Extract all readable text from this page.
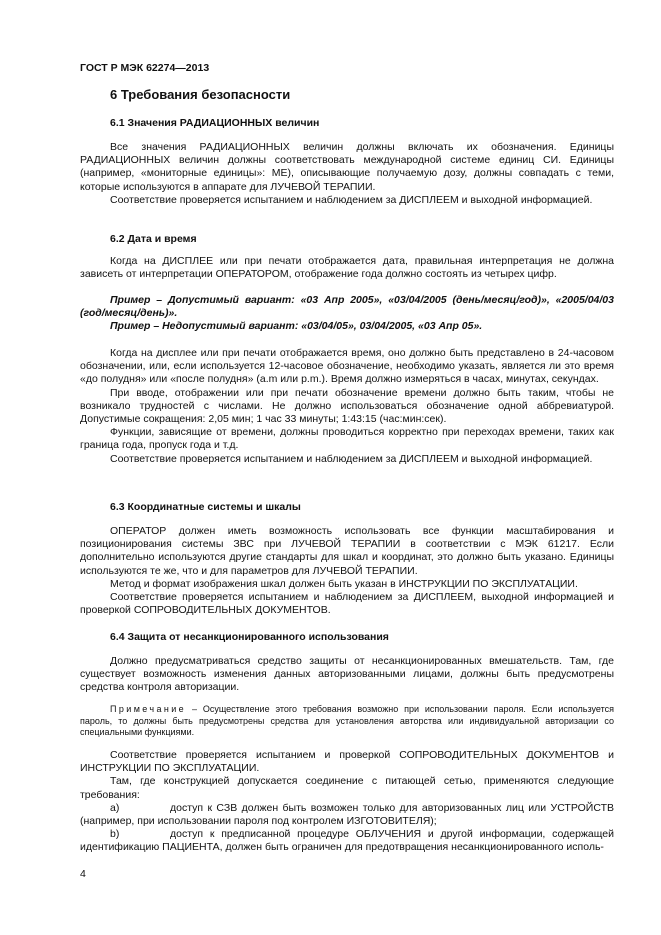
ГОСТ Р МЭК 62274—2013
6 Требования безопасности
6.1 Значения РАДИАЦИОННЫХ величин

Все значения РАДИАЦИОННЫХ величин должны включать их обозначения. Единицы РАДИАЦИОННЫХ величин должны соответствовать международной системе единиц СИ. Единицы (например, «мониторные единицы»: МЕ), описывающие получаемую дозу, должны совпадать с теми, которые используются в аппарате для ЛУЧЕВОЙ ТЕРАПИИ.

Соответствие проверяется испытанием и наблюдением за ДИСПЛЕЕМ и выходной информацией.

6.2 Дата и время

Когда на ДИСПЛЕЕ или при печати отображается дата, правильная интерпретация не должна зависеть от интерпретации ОПЕРАТОРОМ, отображение года должно состоять из четырех цифр.

Пример – Допустимый вариант: «03 Апр 2005», «03/04/2005 (день/месяц/год)», «2005/04/03 (год/месяц/день)».

Пример – Недопустимый вариант: «03/04/05», 03/04/2005, «03 Апр 05».

Когда на дисплее или при печати отображается время, оно должно быть представлено в 24-часовом обозначении, или, если используется 12-часовое обозначение, необходимо указать, является ли это время «до полудня» или «после полудня» (a.m или p.m.). Время должно измеряться в часах, минутах, секундах.

При вводе, отображении или при печати обозначение времени должно быть таким, чтобы не возникало трудностей с числами. Не должно использоваться обозначение одной аббревиатурой. Допустимые сокращения: 2,05 мин; 1 час 33 минуты; 1:43:15 (час:мин:сек).

Функции, зависящие от времени, должны проводиться корректно при переходах времени, таких как граница года, пропуск года и т.д.

Соответствие проверяется испытанием и наблюдением за ДИСПЛЕЕМ и выходной информацией.

6.3 Координатные системы и шкалы

ОПЕРАТОР должен иметь возможность использовать все функции масштабирования и позиционирования системы ЗВС при ЛУЧЕВОЙ ТЕРАПИИ в соответствии с МЭК 61217. Если дополнительно используются другие стандарты для шкал и координат, это должно быть указано. Единицы используются те же, что и для параметров для ЛУЧЕВОЙ ТЕРАПИИ.

Метод и формат изображения шкал должен быть указан в ИНСТРУКЦИИ ПО ЭКСПЛУАТАЦИИ.

Соответствие проверяется испытанием и наблюдением за ДИСПЛЕЕМ, выходной информацией и проверкой СОПРОВОДИТЕЛЬНЫХ ДОКУМЕНТОВ.

6.4 Защита от несанкционированного использования

Должно предусматриваться средство защиты от несанкционированных вмешательств. Там, где существует возможность изменения данных авторизованными лицами, должны быть предусмотрены средства контроля авторизации.

Примечание – Осуществление этого требования возможно при использовании пароля. Если используется пароль, то должны быть предусмотрены средства для установления авторства или индивидуальной авторизации со специальными функциями.

Соответствие проверяется испытанием и проверкой СОПРОВОДИТЕЛЬНЫХ ДОКУМЕНТОВ и ИНСТРУКЦИИ ПО ЭКСПЛУАТАЦИИ.

Там, где конструкцией допускается соединение с питающей сетью, применяются следующие требования:

a)	доступ к СЗВ должен быть возможен только для авторизованных лиц или УСТРОЙСТВ (например, при использовании пароля под контролем ИЗГОТОВИТЕЛЯ);

b)	доступ к предписанной процедуре ОБЛУЧЕНИЯ и другой информации, содержащей идентификацию ПАЦИЕНТА, должен быть ограничен для предотвращения несанкционированного исполь-

4
